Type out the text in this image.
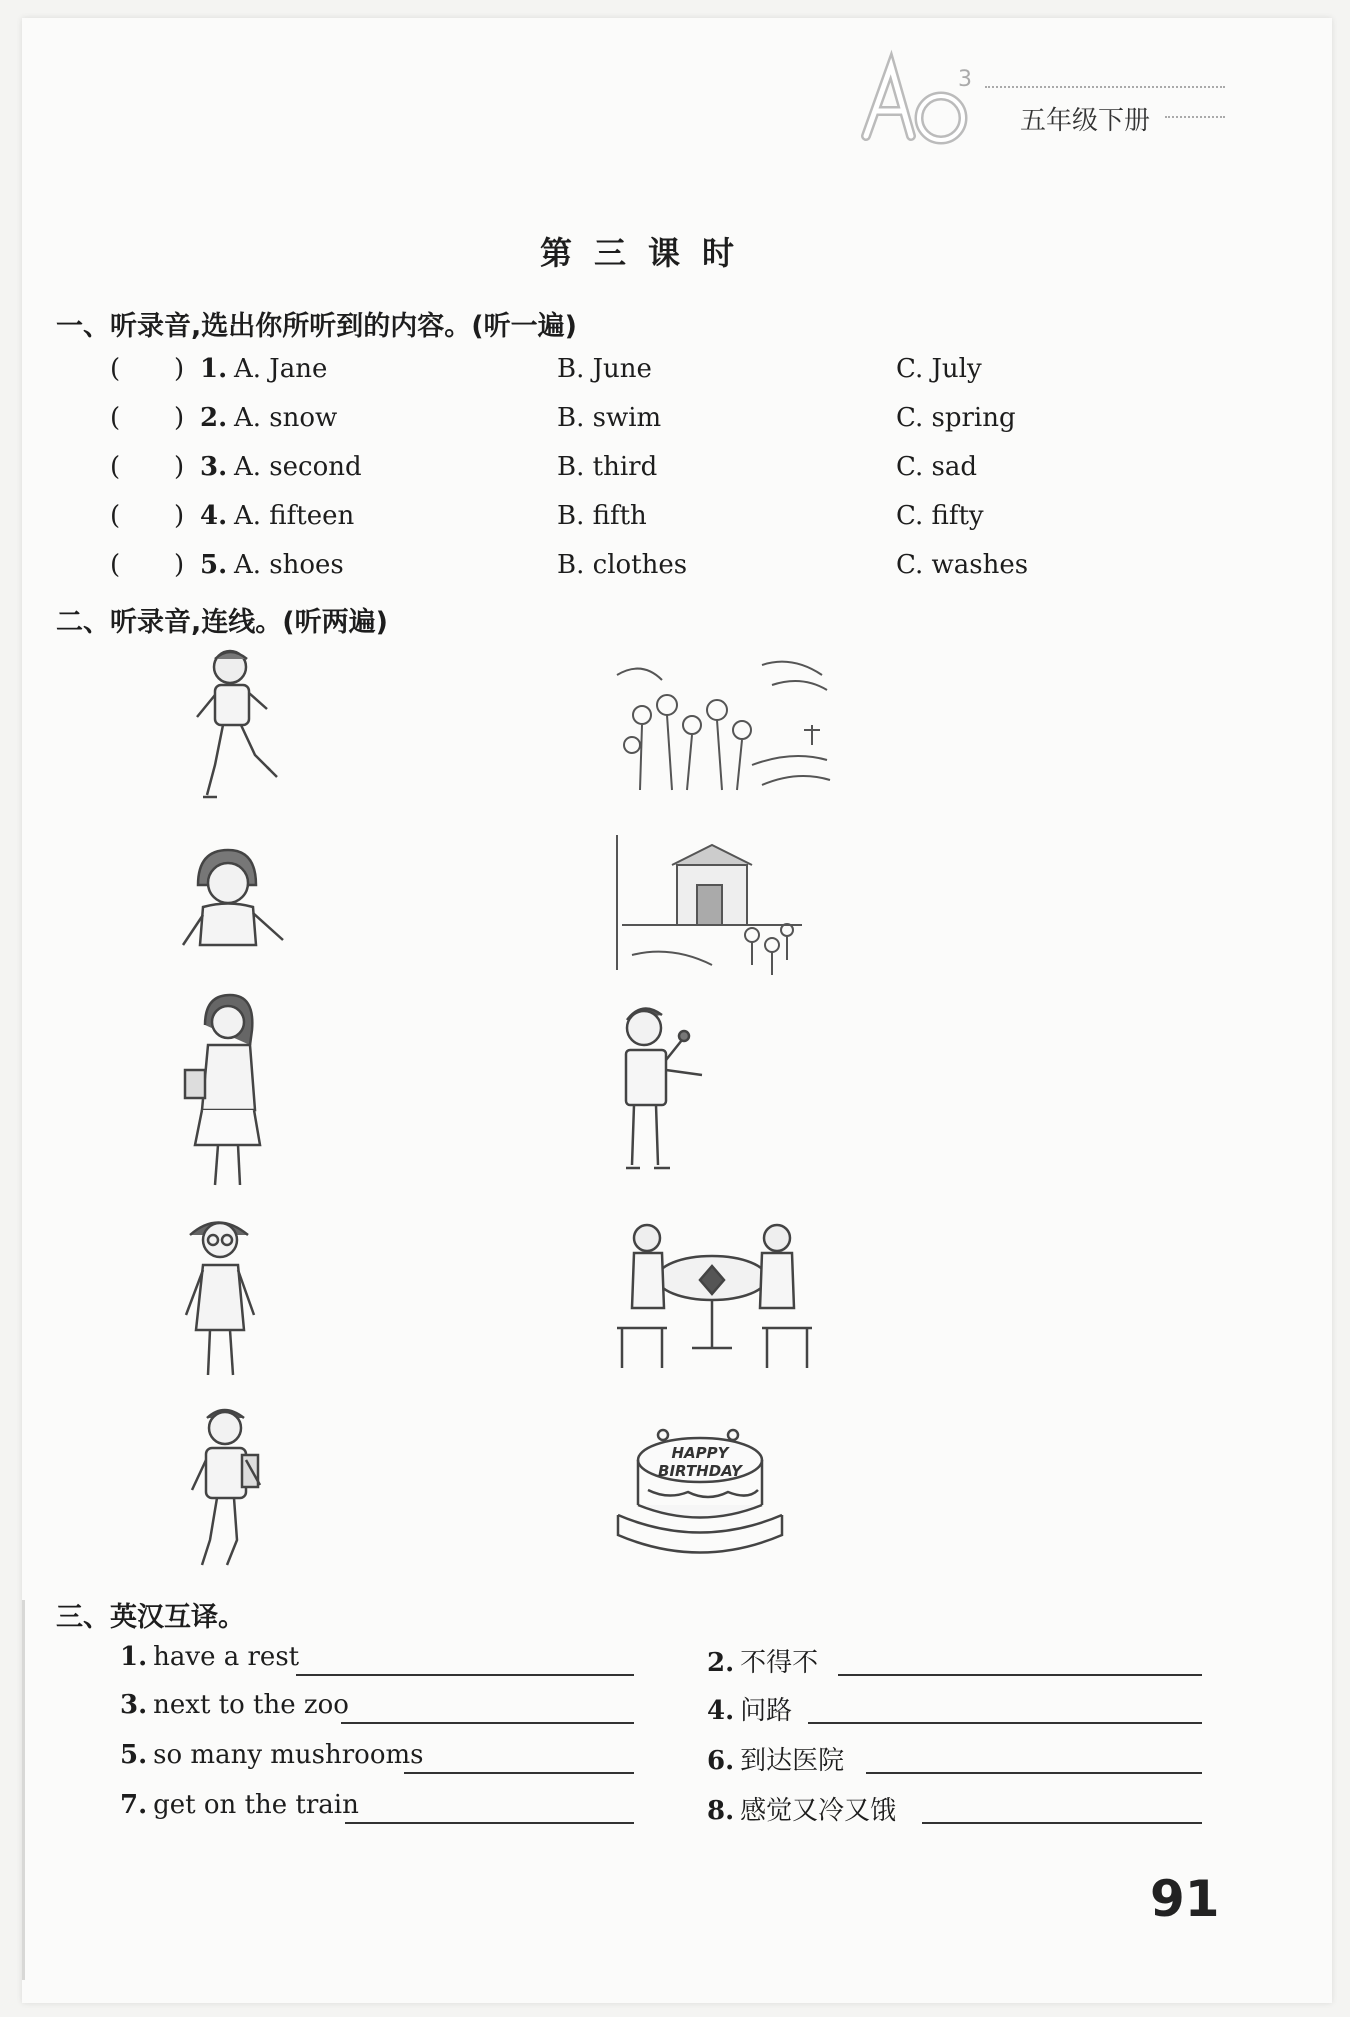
3
五年级下册
第三课时
一、听录音,选出你所听到的内容。(听一遍)
( ) 1. A. Jane	B. June	C. July
( ) 2. A. snow	B. swim	C. spring
( ) 3. A. second	B. third	C. sad
( ) 4. A. fifteen	B. fifth	C. fifty
( ) 5. A. shoes	B. clothes	C. washes
二、听录音,连线。(听两遍)
HAPPY
BIRTHDAY
三、英汉互译。
1. have a rest	2. 不得不
3. next to the zoo	4. 问路
5. so many mushrooms	6. 到达医院
7. get on the train	8. 感觉又冷又饿
91
